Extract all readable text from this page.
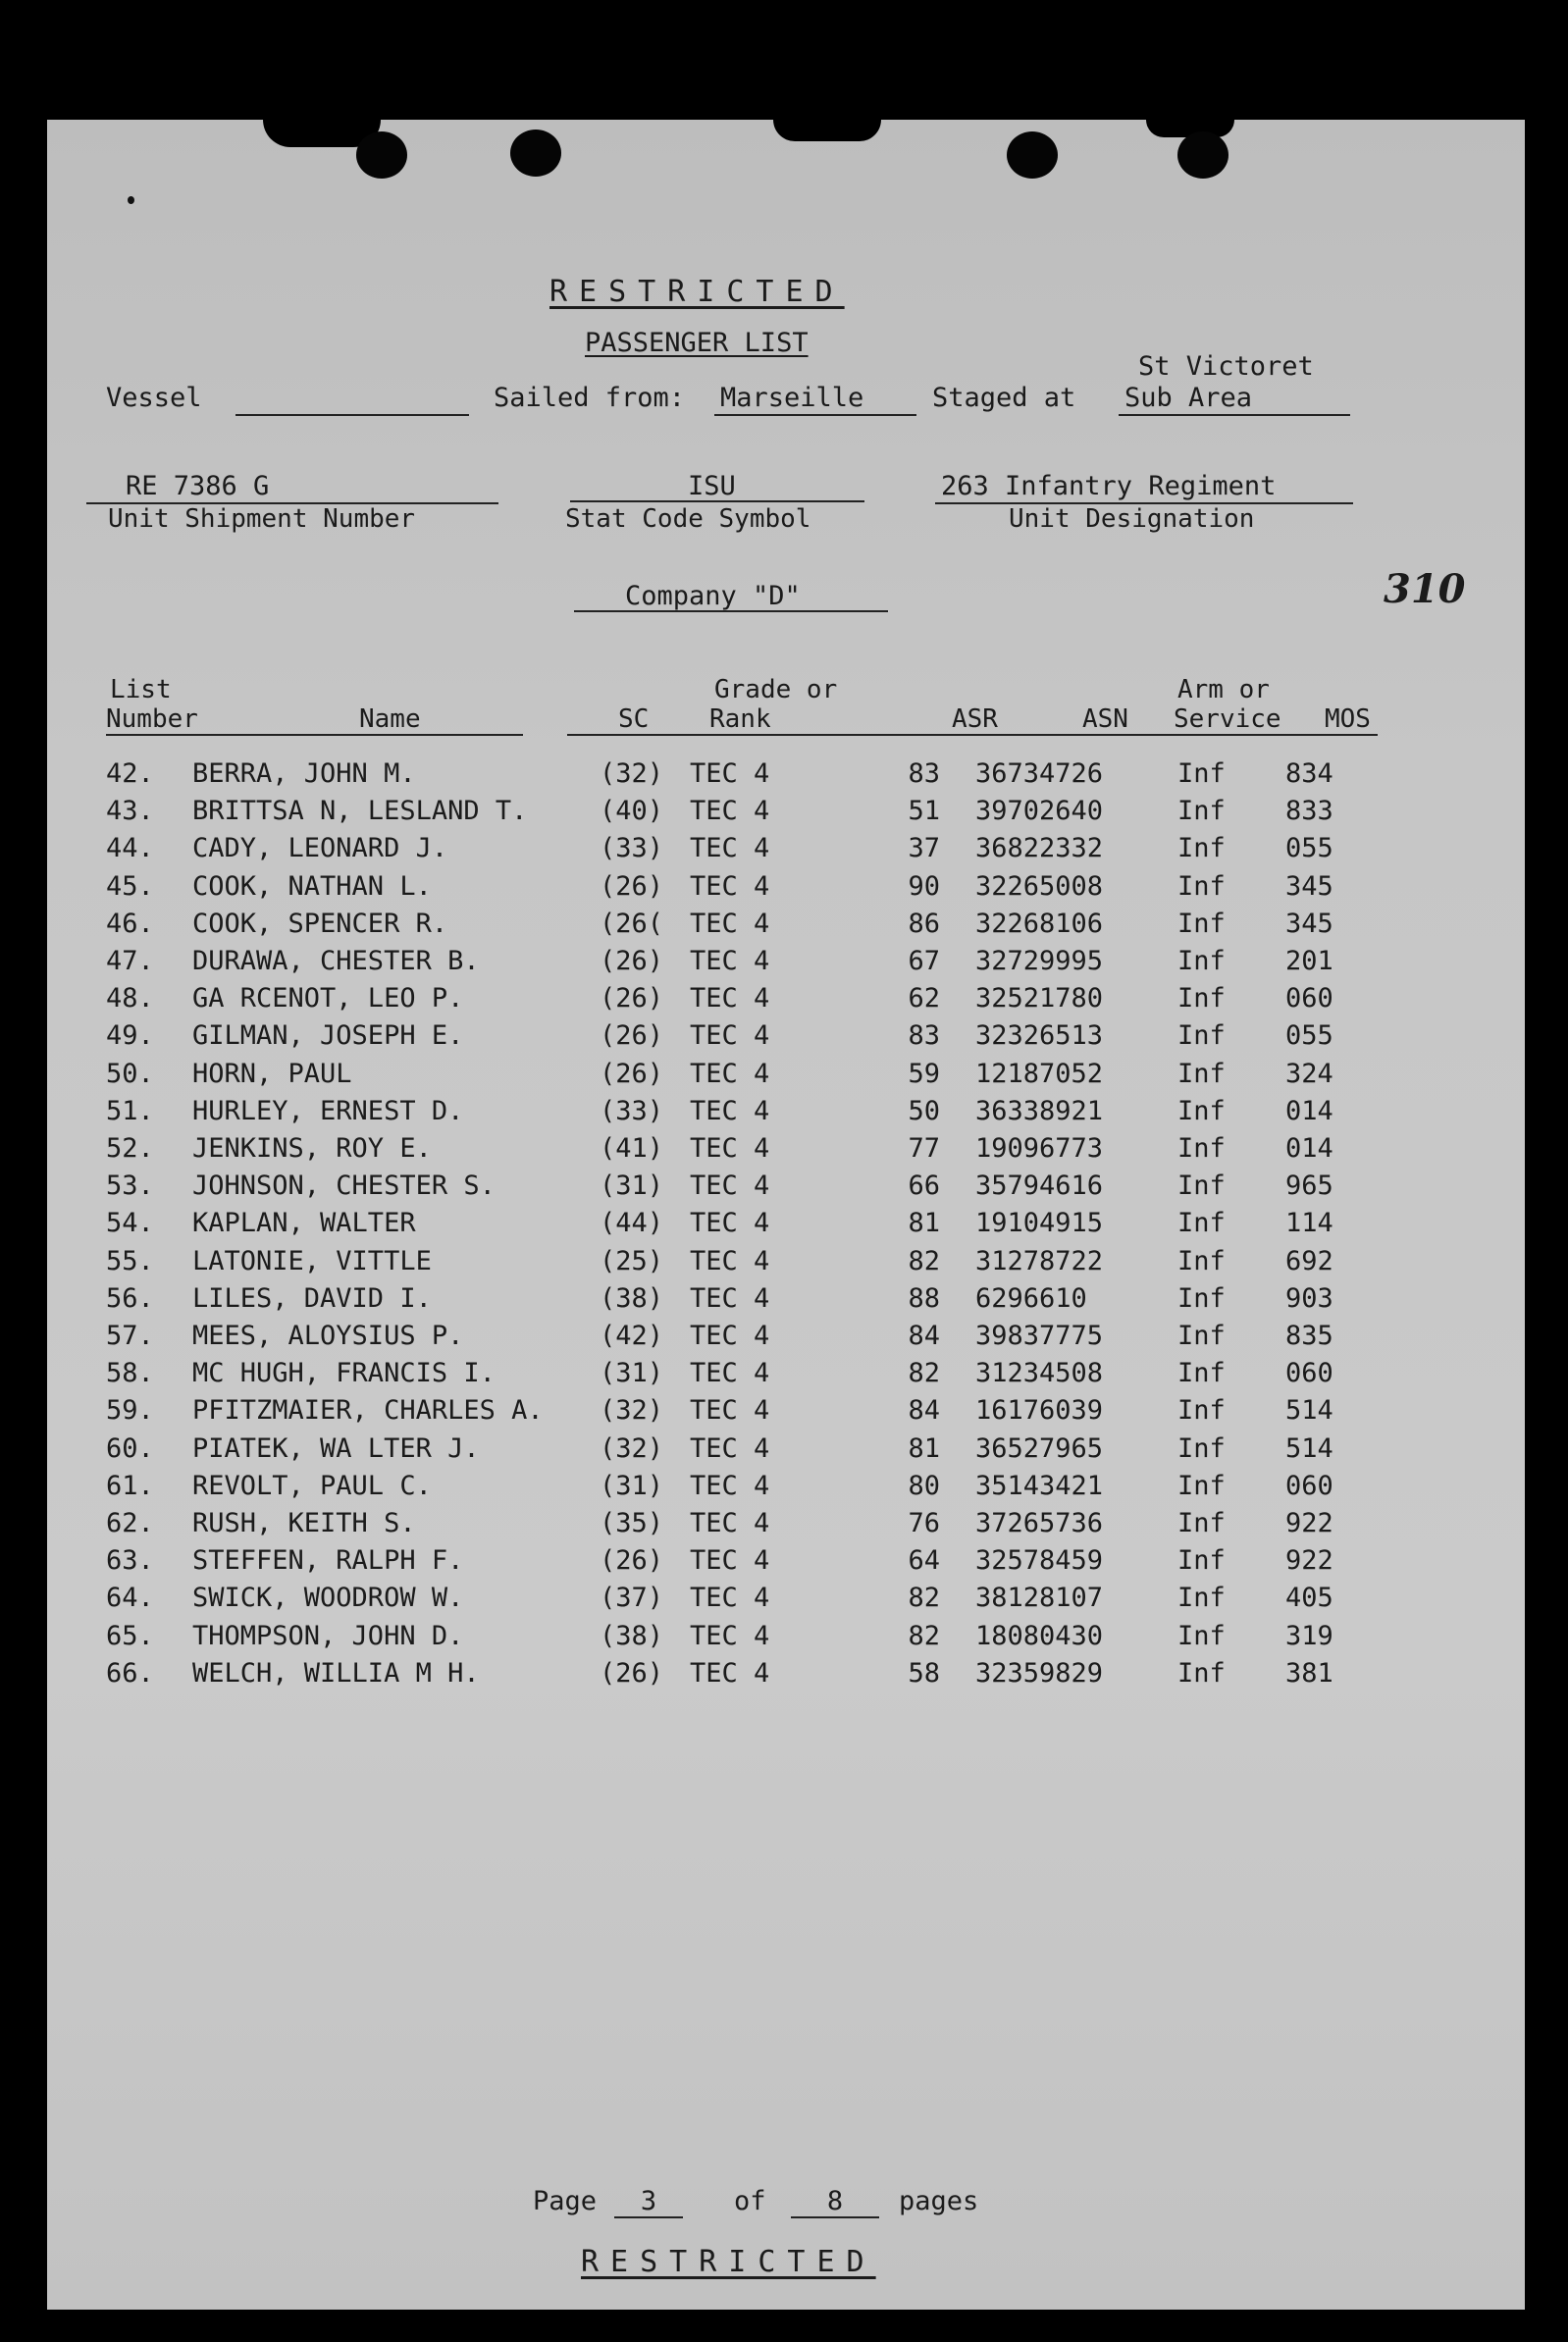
RESTRICTED
PASSENGER LIST
Vessel	Sailed from: Marseille	Staged at
St Victoret
Sub Area
RE 7386 G
Unit Shipment Number
ISU
Stat Code Symbol
263 Infantry Regiment
Unit Designation
Company "D"	310
List
Number	Name	SC
Grade or
Rank	ASR	ASN
Arm or
Service MOS
42. BERRA, JOHN M.	(32) TEC 4	83 36734726	Inf 834
43. BRITTSA N, LESLAND T.	(40) TEC 4	51 39702640	Inf 833
44. CADY, LEONARD J.	(33) TEC 4	37 36822332	Inf 055
45. COOK, NATHAN L.	(26) TEC 4	90 32265008	Inf 345
46. COOK, SPENCER R.	(26( TEC 4	86 32268106	Inf 345
47. DURAWA, CHESTER B.	(26) TEC 4	67 32729995	Inf 201
48. GA RCENOT, LEO P.	(26) TEC 4	62 32521780	Inf 060
49. GILMAN, JOSEPH E.	(26) TEC 4	83 32326513	Inf 055
50. HORN, PAUL	(26) TEC 4	59 12187052	Inf 324
51. HURLEY, ERNEST D.	(33) TEC 4	50 36338921	Inf 014
52. JENKINS, ROY E.	(41) TEC 4	77 19096773	Inf 014
53. JOHNSON, CHESTER S.	(31) TEC 4	66 35794616	Inf 965
54. KAPLAN, WALTER	(44) TEC 4	81 19104915	Inf 114
55. LATONIE, VITTLE	(25) TEC 4	82 31278722	Inf 692
56. LILES, DAVID I.	(38) TEC 4	88 6296610	Inf 903
57. MEES, ALOYSIUS P.	(42) TEC 4	84 39837775	Inf 835
58. MC HUGH, FRANCIS I.	(31) TEC 4	82 31234508	Inf 060
59. PFITZMAIER, CHARLES A. (32) TEC 4	84 16176039	Inf 514
60. PIATEK, WA LTER J.	(32) TEC 4	81 36527965	Inf 514
61. REVOLT, PAUL C.	(31) TEC 4	80 35143421	Inf 060
62. RUSH, KEITH S.	(35) TEC 4	76 37265736	Inf 922
63. STEFFEN, RALPH F.	(26) TEC 4	64 32578459	Inf 922
64. SWICK, WOODROW W.	(37) TEC 4	82 38128107	Inf 405
65. THOMPSON, JOHN D.	(38) TEC 4	82 18080430	Inf 319
66. WELCH, WILLIA M H.	(26) TEC 4	58 32359829	Inf 381
Page	3	of	8	pages
RESTRICTED
